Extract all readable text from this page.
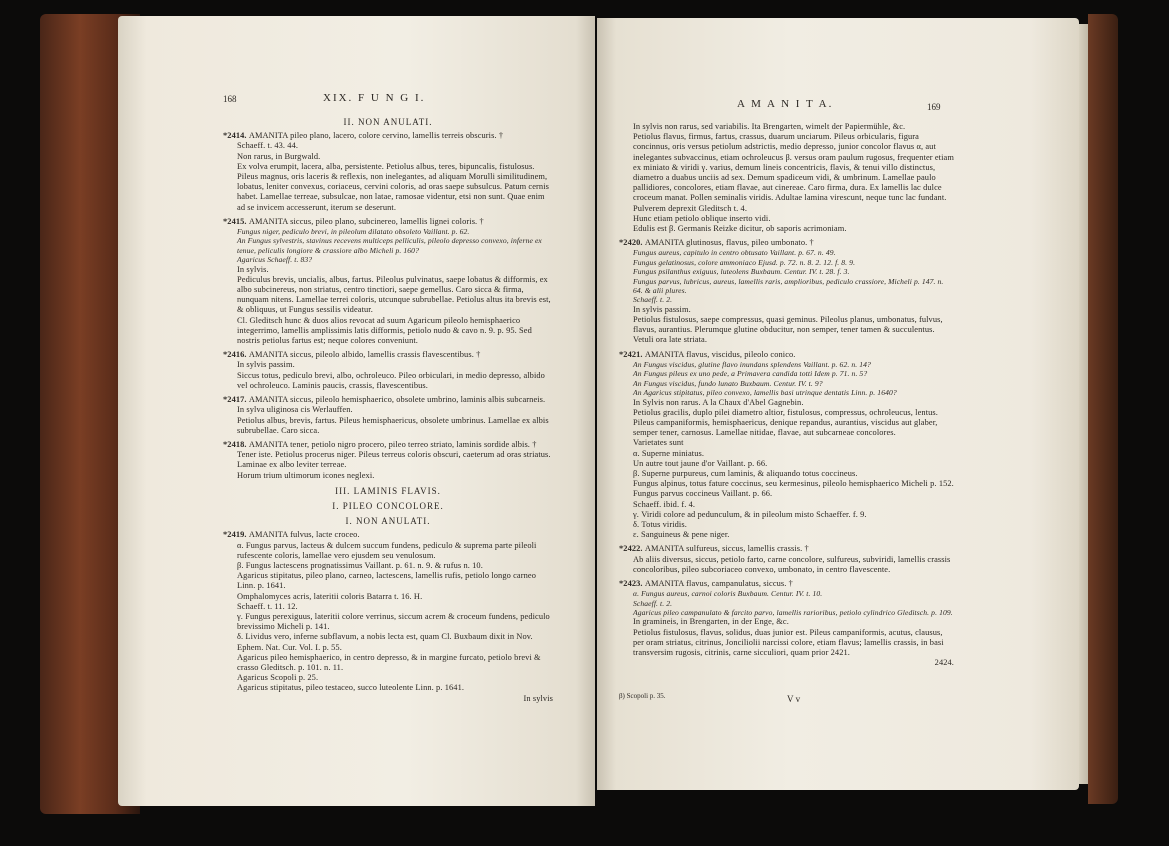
168	XIX. F U N G I.
II. NON ANULATI.
*2414. AMANITA pileo plano, lacero, colore cervino, lamellis terreis obscuris. †
Schaeff. t. 43. 44.
Non rarus, in Burgwald.
Ex volva erumpit, lacera, alba, persistente. Petiolus albus, teres, bipuncalis, fistulosus. Pileus magnus, oris laceris & reflexis, non inelegantes, ad aliquam Morulli similitudinem, lobatus, leniter convexus, coriaceus, cervini coloris, ad oras saepe subsulcus. Patum cernis habet. Lamellae terreae, subsulcae, non latae, ramosae videntur, etsi non sunt. Quae enim ad se invicem accesserunt, iterum se deserunt.
*2415. AMANITA siccus, pileo plano, subcinereo, lamellis lignei coloris. †
Fungus niger, pediculo brevi, in pileolum dilatato obsoleto Vaillant. p. 62.
An Fungus sylvestris, stavinus recevens multiceps pelliculis, pileolo depresso convexo, inferne ex tenue, peliculis longiore & crassiore albo Micheli p. 160?
Agaricus Schaeff. t. 83?
In sylvis.
Pediculus brevis, uncialis, albus, fartus. Pileolus pulvinatus, saepe lobatus & difformis, ex albo subcinereus, non striatus, centro tinctiori, saepe gemellus. Caro sicca & firma, nunquam nitens. Lamellae terrei coloris, utcunque subrubellae. Petiolus altus ita brevis est, & obliquus, ut Fungus sessilis videatur.
Cl. Gleditsch hunc & duos alios revocat ad suum Agaricum pileolo hemisphaerico integerrimo, lamellis amplissimis latis difformis, petiolo nudo & cavo n. 9. p. 95. Sed nostris petiolus fartus est; neque colores conveniunt.
*2416. AMANITA siccus, pileolo albido, lamellis crassis flavescentibus. †
In sylvis passim.
Siccus totus, pediculo brevi, albo, ochroleuco. Pileo orbiculari, in medio depresso, albido vel ochroleuco. Laminis paucis, crassis, flavescentibus.
*2417. AMANITA siccus, pileolo hemisphaerico, obsolete umbrino, laminis albis subcarneis.
In sylva uliginosa cis Werlauffen.
Petiolus albus, brevis, fartus. Pileus hemisphaericus, obsolete umbrinus. Lamellae ex albis subrubellae. Caro sicca.
*2418. AMANITA tener, petiolo nigro procero, pileo terreo striato, laminis sordide albis. †
Tener iste. Petiolus procerus niger. Pileus terreus coloris obscuri, caeterum ad oras striatus. Laminae ex albo leviter terreae.
Horum trium ultimorum icones neglexi.
III. LAMINIS FLAVIS.
I. PILEO CONCOLORE.
I. NON ANULATI.
*2419. AMANITA fulvus, lacte croceo.
α. Fungus parvus, lacteus & dulcem succum fundens, pediculo & suprema parte pileoli rufescente coloris, lamellae vero ejusdem seu venulosum.
β. Fungus lactescens prognatissimus Vaillant. p. 61. n. 9. & rufus n. 10.
Agaricus stipitatus, pileo plano, carneo, lactescens, lamellis rufis, petiolo longo carneo Linn. p. 1641.
Omphalomyces acris, lateritii coloris Batarra t. 16. H.
Schaeff. t. 11. 12.
γ. Fungus perexiguus, lateritii colore verrinus, siccum acrem & croceum fundens, pediculo brevissimo Micheli p. 141.
δ. Lividus vero, inferne subflavum, a nobis lecta est, quam Cl. Buxbaum dixit in Nov. Ephem. Nat. Cur. Vol. I. p. 55.
Agaricus pileo hemisphaerico, in centro depresso, & in margine furcato, petiolo brevi & crasso Gleditsch. p. 101. n. 11.
Agaricus Scopoli p. 25.
Agaricus stipitatus, pileo testaceo, succo luteolente Linn. p. 1641.
In sylvis
A M A N I T A.	169
In sylvis non rarus, sed variabilis. Ita Brengarten, wimelt der Papiermühle, &c.
Petiolus flavus, firmus, fartus, crassus, duarum unciarum. Pileus orbicularis, figura concinnus, oris versus petiolum adstrictis, medio depresso, junior concolor flavus α, aut inelegantes subvaccinus, etiam ochroleucus β. versus oram paulum rugosus, frequenter etiam ex miniato & viridi γ. varius, demum lineis concentricis, flavis, & tenui villo distinctus, diametro a duabus unciis ad sex. Demum spadiceum vidi, & umbrinum. Lamellae paulo pallidiores, concolores, etiam flavae, aut cinereae. Caro firma, dura. Ex lamellis lac dulce croceum manat. Pollen seminalis viridis. Adultae lamina virescunt, neque tunc lac fundant. Pulverem deprexit Gleditsch t. 4.
Hunc etiam petiolo oblique inserto vidi.
Edulis est β. Germanis Reizke dicitur, ob saporis acrimoniam.
*2420. AMANITA glutinosus, flavus, pileo umbonato. †
Fungus aureus, capitulo in centro obtusato Vaillant. p. 67. n. 49.
Fungus gelatinosus, colore ammoniaco Ejusd. p. 72. n. 8. 2. 12. f. 8. 9.
Fungus psilanthus exiguus, luteolens Buxbaum. Centur. IV. t. 28. f. 3.
Fungus parvus, lubricus, aureus, lamellis raris, amplioribus, pediculo crassiore, Micheli p. 147. n. 64. & alii plures.
Schaeff. t. 2.
In sylvis passim.
Petiolus fistulosus, saepe compressus, quasi geminus. Pileolus planus, umbonatus, fulvus, flavus, aurantius. Plerumque glutine obducitur, non semper, tener tamen & succulentus. Vetuli ora late striata.
*2421. AMANITA flavus, viscidus, pileolo conico.
An Fungus viscidus, glutine flavo inundans splendens Vaillant. p. 62. n. 14?
An Fungus pileus ex uno pede, a Primavera candida totti Idem p. 71. n. 5?
An Fungus viscidus, fundo lunato Buxbaum. Centur. IV. t. 9?
An Agaricus stipitatus, pileo convexo, lamellis basi utrinque dentatis Linn. p. 1640?
In Sylvis non rarus. A la Chaux d'Abel Gagnebin.
Petiolus gracilis, duplo pilei diametro altior, fistulosus, compressus, ochroleucus, lentus. Pileus campaniformis, hemisphaericus, denique repandus, aurantius, viscidus aut glaber, semper tener, carnosus. Lamellae nitidae, flavae, aut subcarneae concolores.
Varietates sunt
α. Superne miniatus.
Un autre tout jaune d'or Vaillant. p. 66.
β. Superne purpureus, cum laminis, & aliquando totus coccineus.
Fungus alpinus, totus fature coccinus, seu kermesinus, pileolo hemisphaerico Micheli p. 152.
Fungus parvus coccineus Vaillant. p. 66.
Schaeff. ibid. f. 4.
γ. Viridi colore ad pedunculum, & in pileolum misto Schaeffer. f. 9.
δ. Totus viridis.
ε. Sanguineus & pene niger.
*2422. AMANITA sulfureus, siccus, lamellis crassis. †
Ab aliis diversus, siccus, petiolo farto, carne concolore, sulfureus, subviridi, lamellis crassis concoloribus, pileo subcoriaceo convexo, umbonato, in centro flavescente.
*2423. AMANITA flavus, campanulatus, siccus. †
α. Fungus aureus, carnoi coloris Buxbaum. Centur. IV. t. 10.
Schaeff. t. 2.
Agaricus pileo campanulato & farcito parvo, lamellis rarioribus, petiolo cylindrico Gleditsch. p. 109.
In gramineis, in Brengarten, in der Enge, &c.
Petiolus fistulosus, flavus, solidus, duas junior est. Pileus campaniformis, acutus, clausus, per oram striatus, citrinus, Jonciliolii narcissi colore, etiam flavus; lamellis crassis, in basi transversim rugosis, citrinis, carne sicculiori, quam prior 2421.
2424.
β) Scopoli p. 35.	V v
